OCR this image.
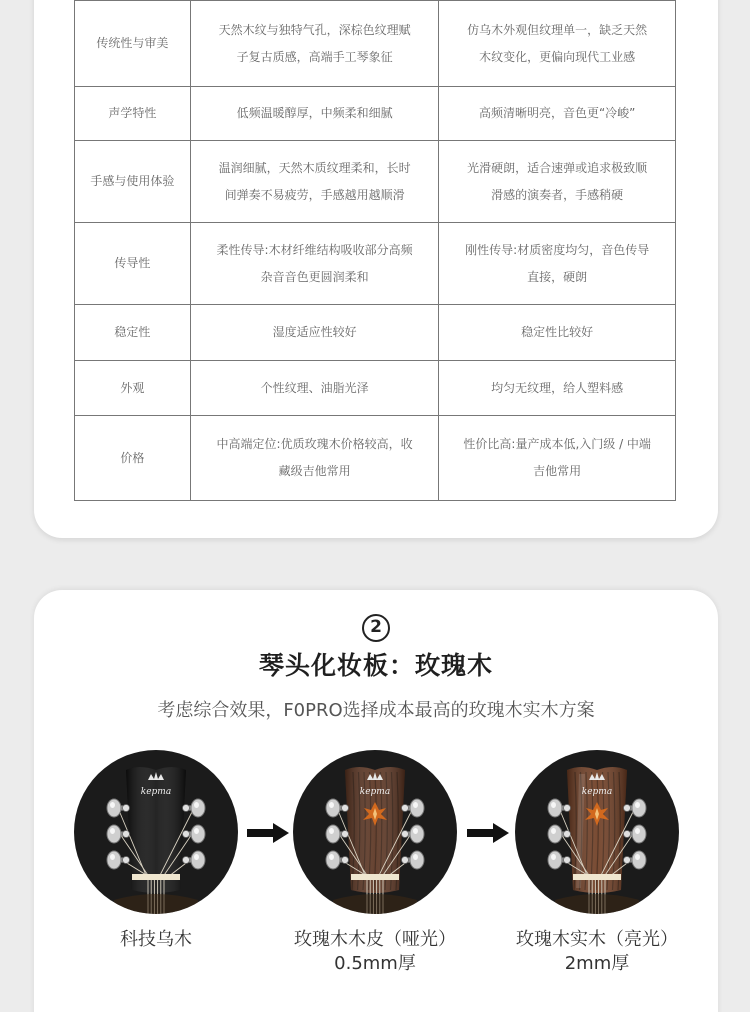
传统性与审美	天然木纹与独特气孔，深棕色纹理赋子复古质感，高端手工琴象征	仿乌木外观但纹理单一，缺乏天然木纹变化，更偏向现代工业感
声学特性	低频温暖醇厚，中频柔和细腻	高频清晰明亮，音色更“冷峻”
手感与使用体验	温润细腻，天然木质纹理柔和，长时间弹奏不易疲劳，手感越用越顺滑	光滑硬朗，适合速弹或追求极致顺滑感的演奏者，手感稍硬
传导性	柔性传导:木材纤维结构吸收部分高频杂音音色更圆润柔和	刚性传导:材质密度均匀，音色传导直接，硬朗
稳定性	湿度适应性较好	稳定性比较好
外观	个性纹理、油脂光泽	均匀无纹理，给人塑料感
价格	中高端定位:优质玫瑰木价格较高，收藏级吉他常用	性价比高:量产成本低,入门级 / 中端吉他常用
2
琴头化妆板：玫瑰木
考虑综合效果，F0PRO选择成本最高的玫瑰木实木方案
kepma	kepma	kepma
科技乌木	玫瑰木木皮（哑光）
0.5mm厚
玫瑰木实木（亮光）
2mm厚
